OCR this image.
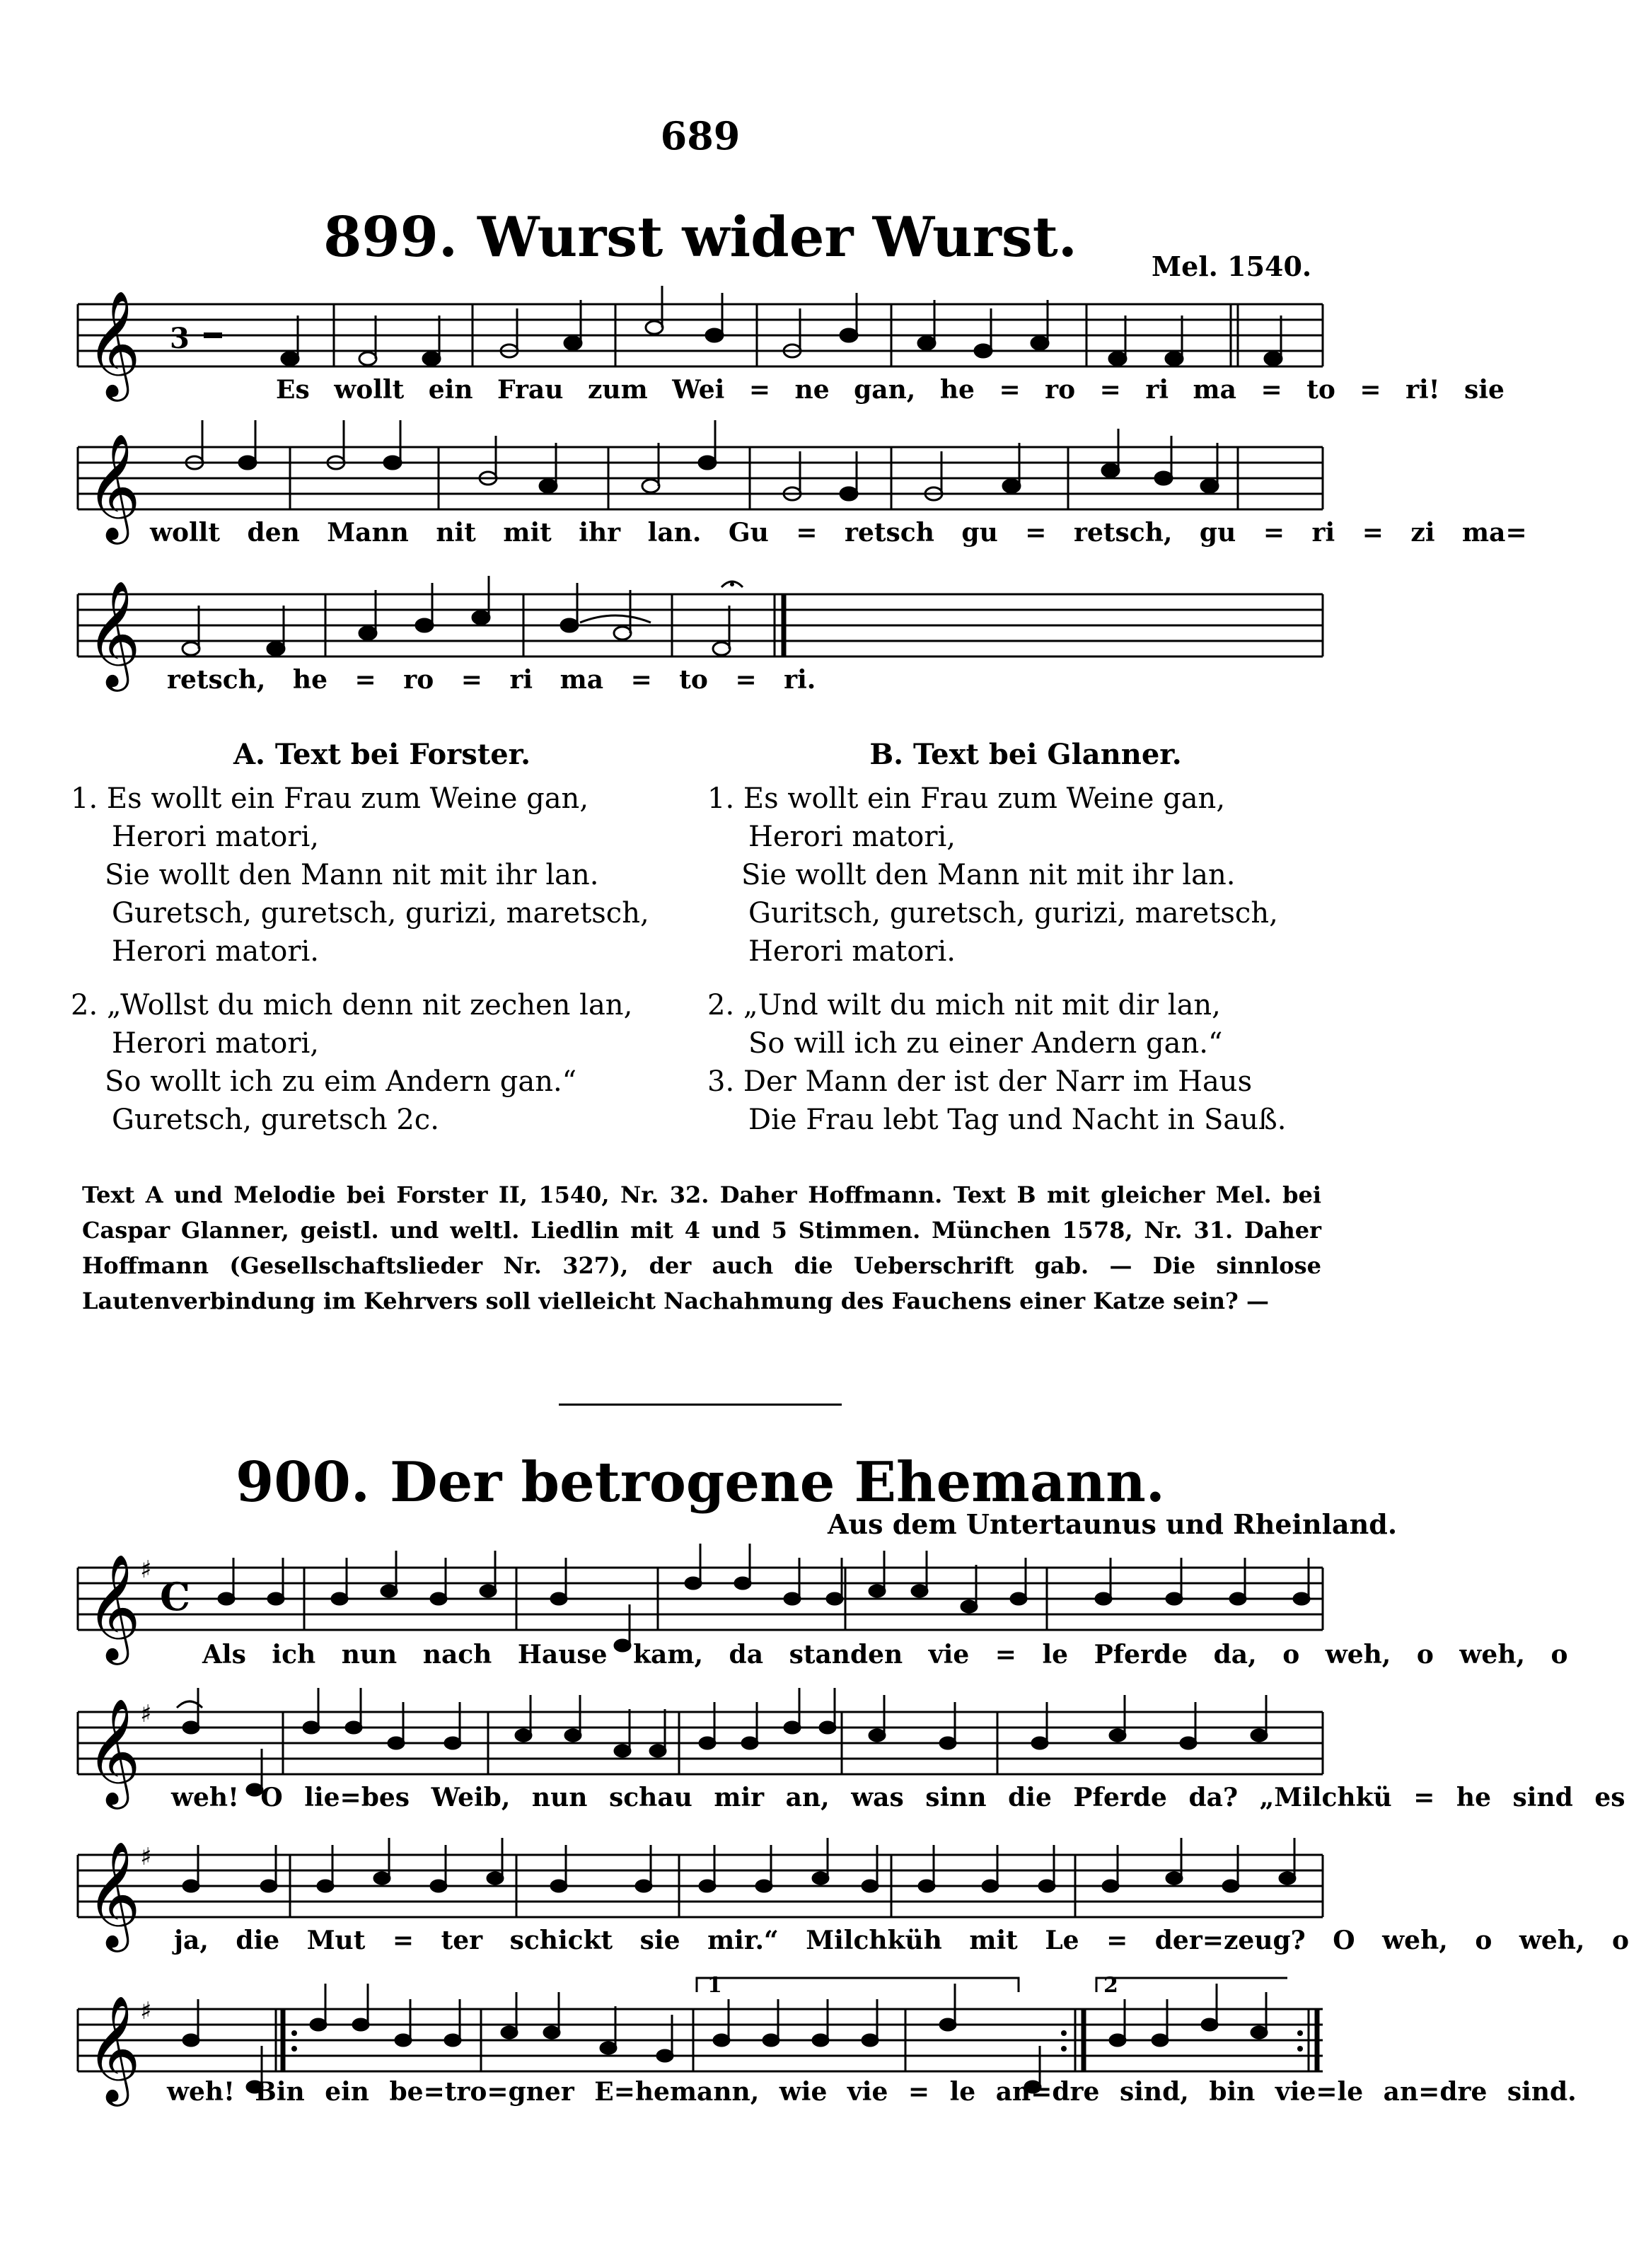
689
899. Wurst wider Wurst.	Mel. 1540.
𝄞 3
Es wollt ein Frau zum Wei = ne gan, he = ro = ri ma = to = ri! sie
𝄞 wollt den Mann nit mit ihr lan. Gu = retsch gu = retsch, gu = ri = zi ma=
𝄞 retsch, he = ro = ri ma = to = ri.
A. Text bei Forster.
1. Es wollt ein Frau zum Weine gan,
Herori matori,
Sie wollt den Mann nit mit ihr lan.
Guretsch, guretsch, gurizi, maretsch,
Herori matori.
2. „Wollst du mich denn nit zechen lan,
Herori matori,
So wollt ich zu eim Andern gan.“
Guretsch, guretsch 2c.
B. Text bei Glanner.
1. Es wollt ein Frau zum Weine gan,
Herori matori,
Sie wollt den Mann nit mit ihr lan.
Guritsch, guretsch, gurizi, maretsch,
Herori matori.
2. „Und wilt du mich nit mit dir lan,
So will ich zu einer Andern gan.“
3. Der Mann der ist der Narr im Haus
Die Frau lebt Tag und Nacht in Sauß.
Text A und Melodie bei Forster II, 1540, Nr. 32. Daher Hoffmann. Text B mit gleicher Mel. bei Caspar Glanner, geistl. und weltl. Liedlin mit 4 und 5 Stimmen. München 1578, Nr. 31. Daher Hoffmann (Gesellschaftslieder Nr. 327), der auch die Ueberschrift gab. — Die sinnlose Lautenverbindung im Kehrvers soll vielleicht Nachahmung des Fauchens einer Katze sein? —
900. Der betrogene Ehemann.
Aus dem Untertaunus und Rheinland.
𝄞 ♯
C
Als ich nun nach Hause kam, da standen vie = le Pferde da, o weh, o weh, o
𝄞 ♯
weh! O lie=bes Weib, nun schau mir an, was sinn die Pferde da? „Milchkü = he sind es
𝄞 ♯
ja, die Mut = ter schickt sie mir.“ Milchküh mit Le = der=zeug? O weh, o weh, o
1	2
𝄞 ♯
weh! Bin ein be=tro=gner E=hemann, wie vie = le an=dre sind, bin vie=le an=dre sind.
